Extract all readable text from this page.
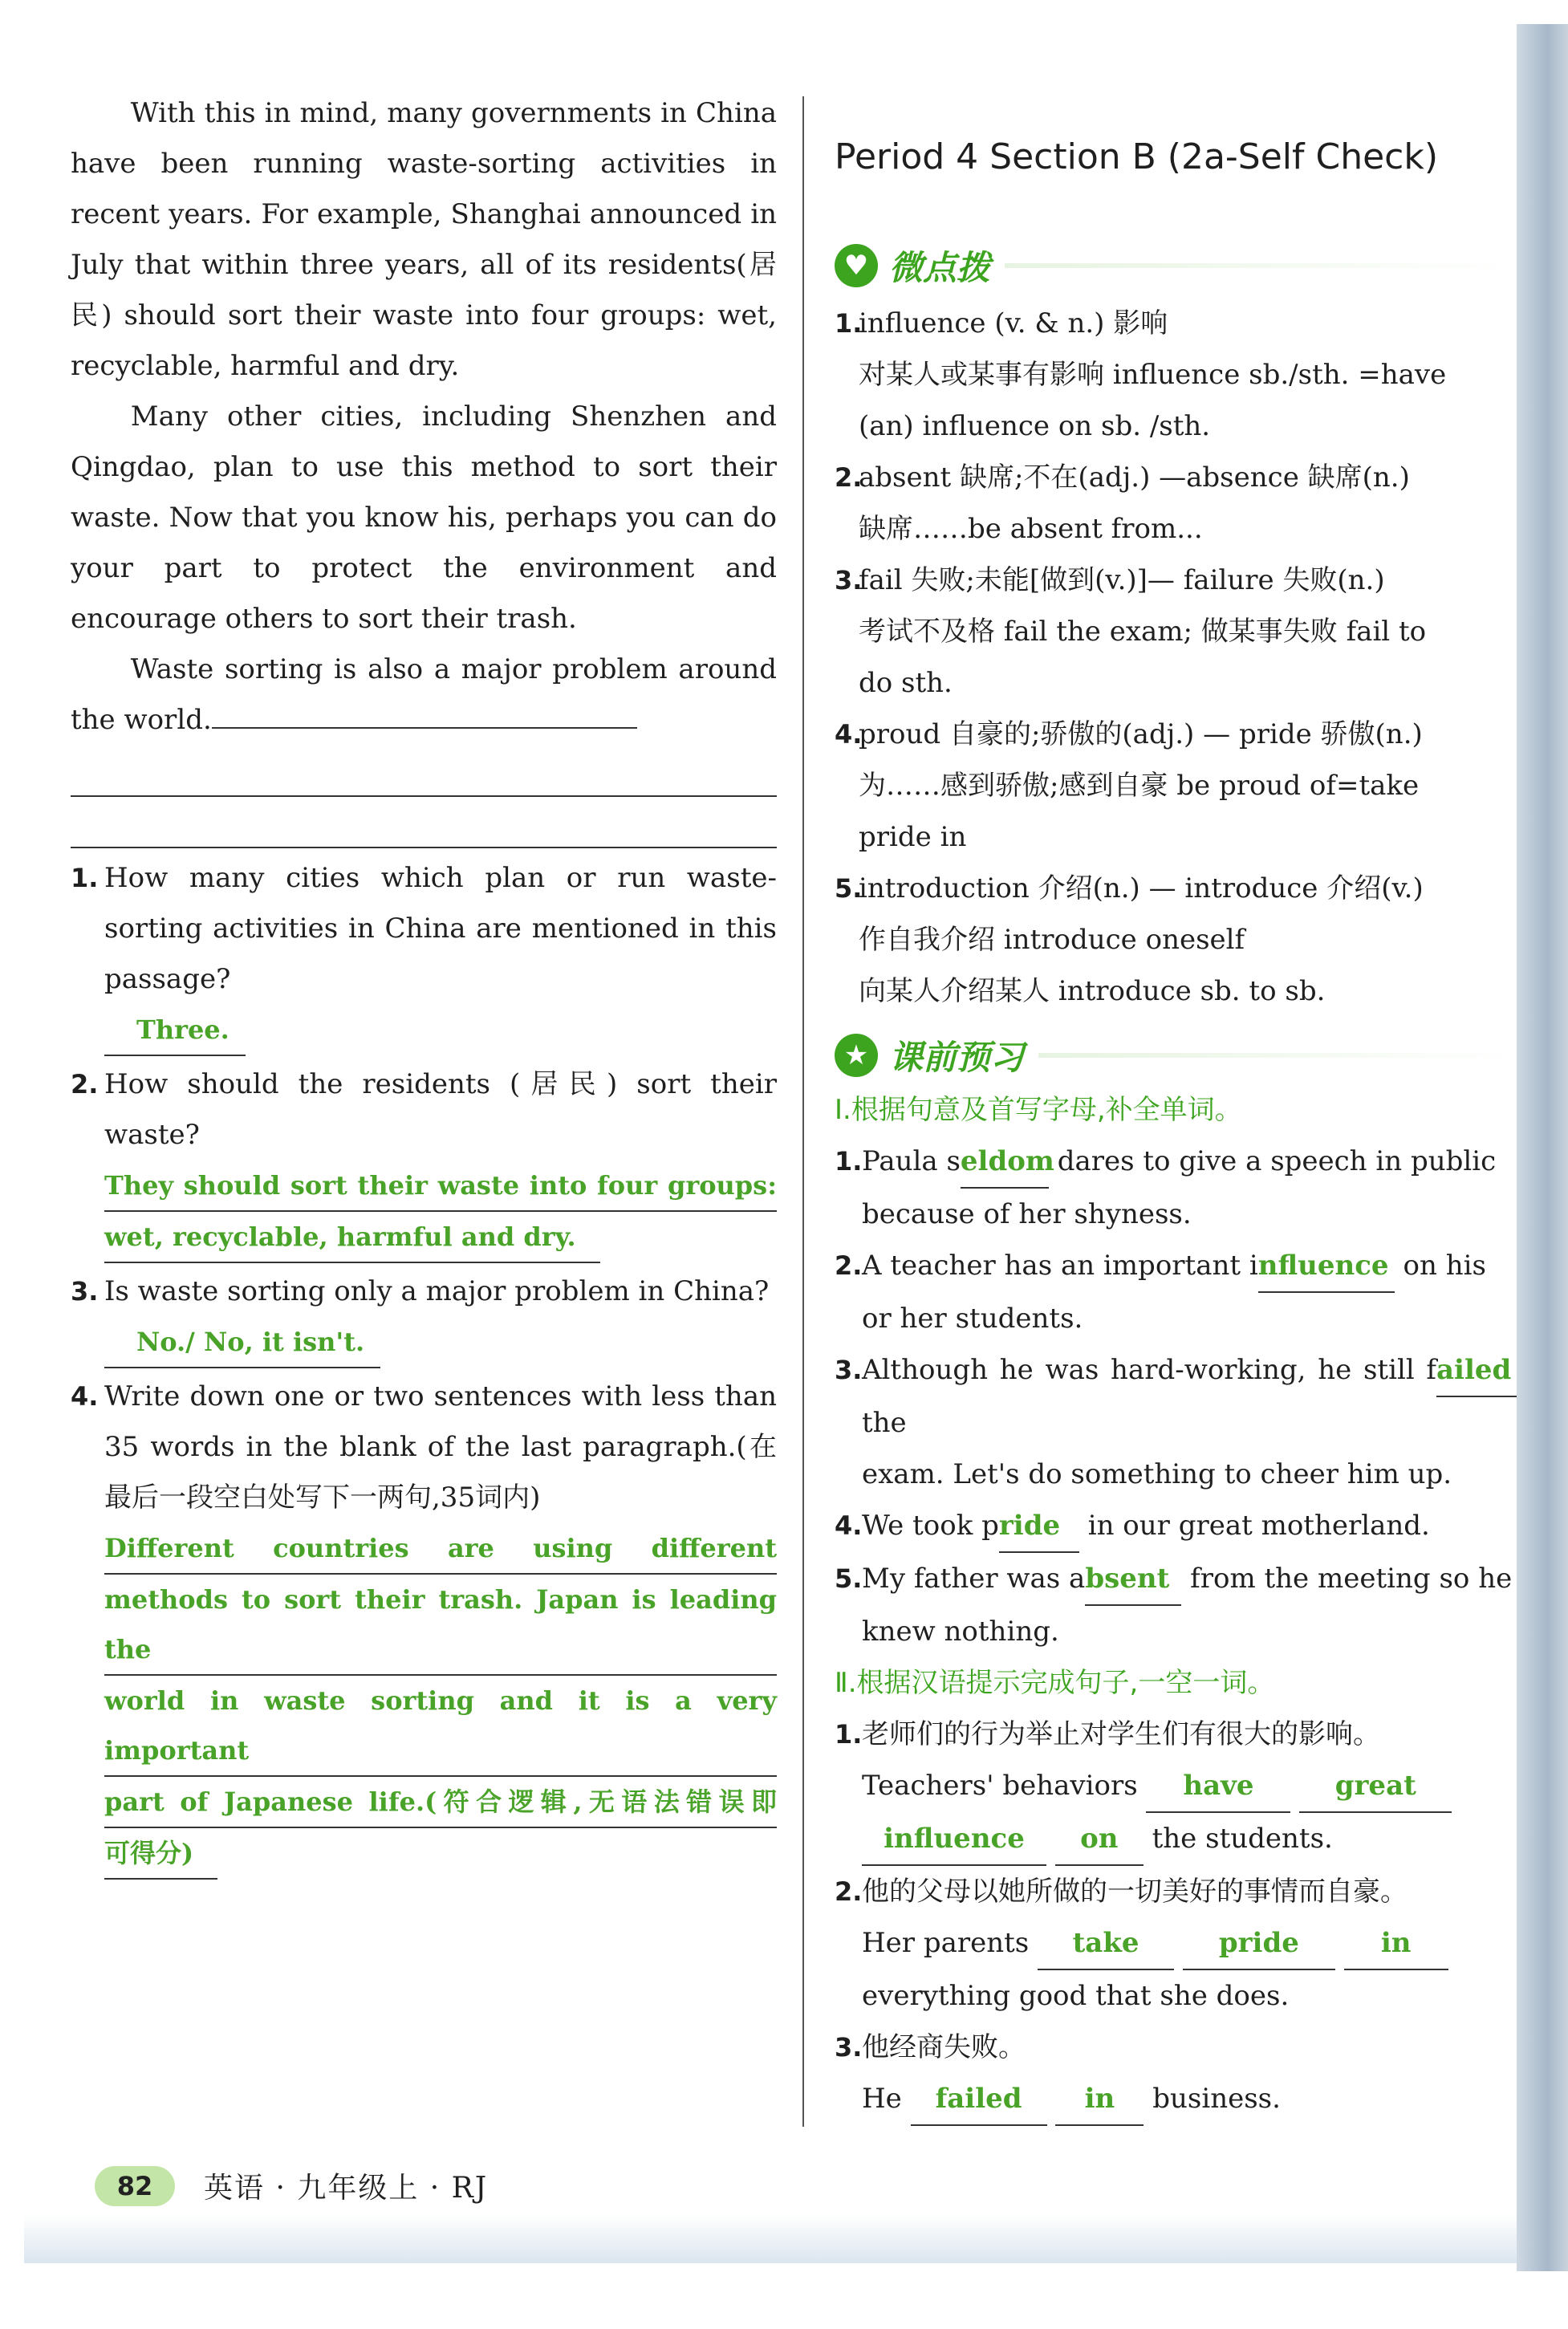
With this in mind, many governments in China have been running waste-sorting activities in recent years. For example, Shanghai announced in July that within three years, all of its residents(居民) should sort their waste into four groups: wet, recyclable, harmful and dry.

Many other cities, including Shenzhen and Qingdao, plan to use this method to sort their waste. Now that you know his, perhaps you can do your part to protect the environment and encourage others to sort their trash.

Waste sorting is also a major problem around the world.

1. How many cities which plan or run waste-sorting activities in China are mentioned in this passage?
Three.
2. How should the residents (居民) sort their waste?
They should sort their waste into four groups:
wet, recyclable, harmful and dry.
3. Is waste sorting only a major problem in China?
No./ No, it isn't.
4. Write down one or two sentences with less than 35 words in the blank of the last paragraph.(在最后一段空白处写下一两句,35词内)
Different countries are using different
methods to sort their trash. Japan is leading the
world in waste sorting and it is a very important
part of Japanese life.(符合逻辑,无语法错误即
可得分)
Period 4 Section B (2a-Self Check)
♥ 微点拨
1.
influence (v. & n.) 影响
对某人或某事有影响 influence sb./sth. =have
(an) influence on sb. /sth.
2.
absent 缺席;不在(adj.) —absence 缺席(n.)
缺席……be absent from...
3.
fail 失败;未能[做到(v.)]— failure 失败(n.)
考试不及格 fail the exam; 做某事失败 fail to
do sth.
4.
proud 自豪的;骄傲的(adj.) — pride 骄傲(n.)
为……感到骄傲;感到自豪 be proud of=take
pride in
5.
introduction 介绍(n.) — introduce 介绍(v.)
作自我介绍 introduce oneself
向某人介绍某人 introduce sb. to sb.
★ 课前预习
Ⅰ.根据句意及首写字母,补全单词。
1. Paula seldom dares to give a speech in public
because of her shyness.
2. A teacher has an important influence on his
or her students.
3. Although he was hard-working, he still failed the
exam. Let's do something to cheer him up.
4. We took pride in our great motherland.
5. My father was absent from the meeting so he
knew nothing.
Ⅱ.根据汉语提示完成句子,一空一词。
1. 老师们的行为举止对学生们有很大的影响。
Teachers' behaviors have	great
influence on the students.
2. 他的父母以她所做的一切美好的事情而自豪。
Her parents take	pride	in
everything good that she does.
3. 他经商失败。
He failed in business.
82	英语 · 九年级上 · RJ
